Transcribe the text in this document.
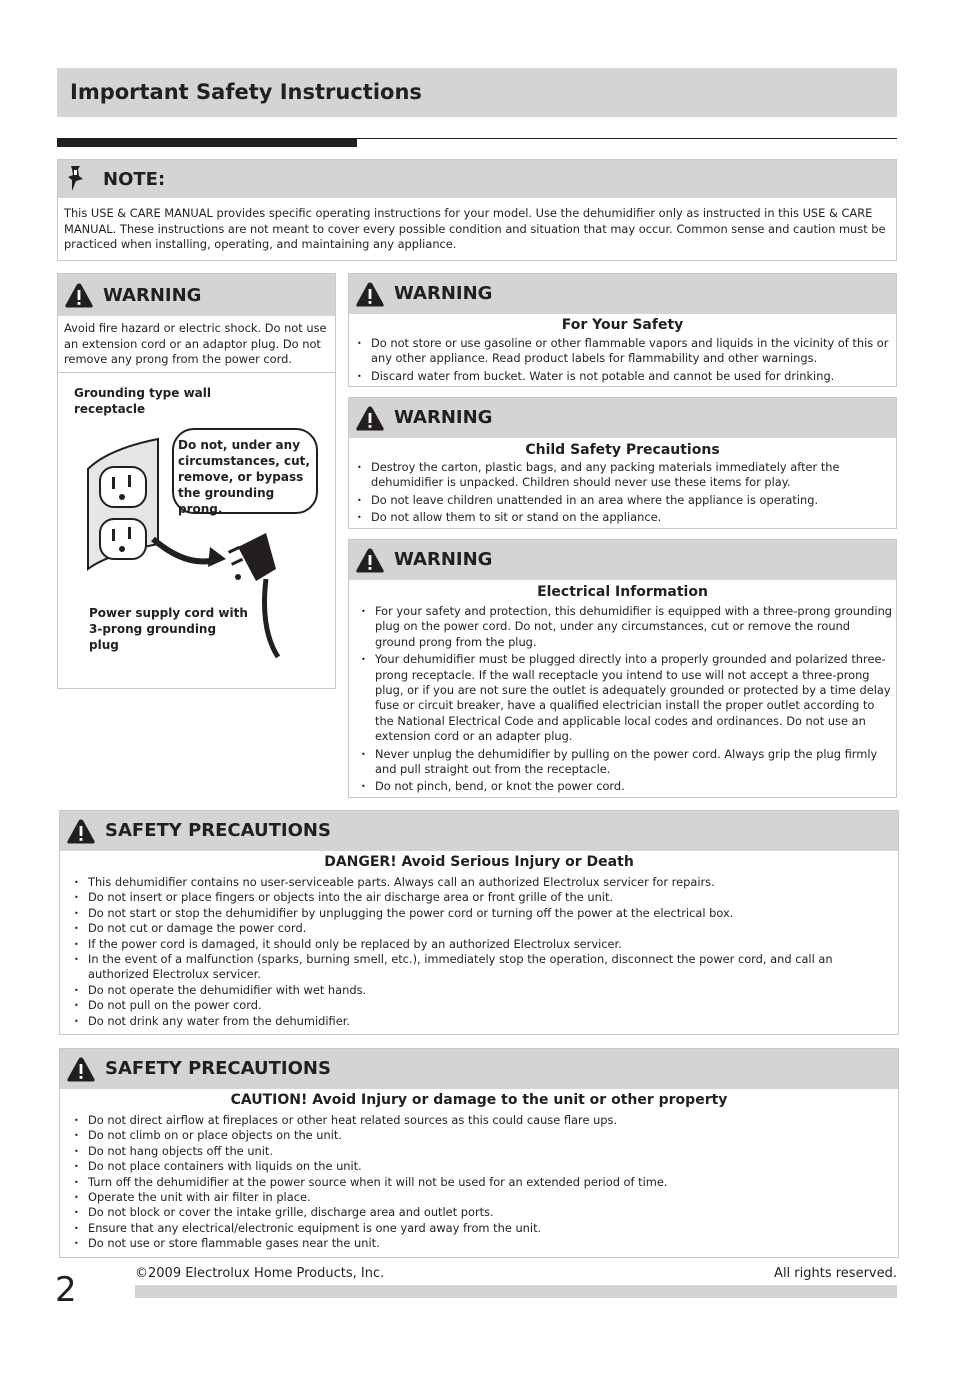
Important Safety Instructions
NOTE:
This USE & CARE MANUAL provides specific operating instructions for your model. Use the dehumidifier only as instructed in this USE & CARE MANUAL. These instructions are not meant to cover every possible condition and situation that may occur. Common sense and caution must be practiced when installing, operating, and maintaining any appliance.
WARNING
Avoid fire hazard or electric shock. Do not use an extension cord or an adaptor plug. Do not remove any prong from the power cord.
Grounding type wall receptacle
Do not, under any circumstances, cut, remove, or bypass the grounding prong.
Power supply cord with 3-prong grounding plug
WARNING
For Your Safety
• Do not store or use gasoline or other flammable vapors and liquids in the vicinity of this or any other appliance. Read product labels for flammability and other warnings.
• Discard water from bucket. Water is not potable and cannot be used for drinking.
WARNING
Child Safety Precautions
• Destroy the carton, plastic bags, and any packing materials immediately after the dehumidifier is unpacked. Children should never use these items for play.
• Do not leave children unattended in an area where the appliance is operating.
• Do not allow them to sit or stand on the appliance.
WARNING
Electrical Information
• For your safety and protection, this dehumidifier is equipped with a three-prong grounding plug on the power cord. Do not, under any circumstances, cut or remove the round ground prong from the plug.
• Your dehumidifier must be plugged directly into a properly grounded and polarized three-prong receptacle. If the wall receptacle you intend to use will not accept a three-prong plug, or if you are not sure the outlet is adequately grounded or protected by a time delay fuse or circuit breaker, have a qualified electrician install the proper outlet according to the National Electrical Code and applicable local codes and ordinances. Do not use an extension cord or an adapter plug.
• Never unplug the dehumidifier by pulling on the power cord. Always grip the plug firmly and pull straight out from the receptacle.
• Do not pinch, bend, or knot the power cord.
SAFETY PRECAUTIONS
DANGER! Avoid Serious Injury or Death
• This dehumidifier contains no user-serviceable parts. Always call an authorized Electrolux servicer for repairs.
• Do not insert or place fingers or objects into the air discharge area or front grille of the unit.
• Do not start or stop the dehumidifier by unplugging the power cord or turning off the power at the electrical box.
• Do not cut or damage the power cord.
• If the power cord is damaged, it should only be replaced by an authorized Electrolux servicer.
• In the event of a malfunction (sparks, burning smell, etc.), immediately stop the operation, disconnect the power cord, and call an authorized Electrolux servicer.
• Do not operate the dehumidifier with wet hands.
• Do not pull on the power cord.
• Do not drink any water from the dehumidifier.
SAFETY PRECAUTIONS
CAUTION! Avoid Injury or damage to the unit or other property
• Do not direct airflow at fireplaces or other heat related sources as this could cause flare ups.
• Do not climb on or place objects on the unit.
• Do not hang objects off the unit.
• Do not place containers with liquids on the unit.
• Turn off the dehumidifier at the power source when it will not be used for an extended period of time.
• Operate the unit with air filter in place.
• Do not block or cover the intake grille, discharge area and outlet ports.
• Ensure that any electrical/electronic equipment is one yard away from the unit.
• Do not use or store flammable gases near the unit.
2	©2009 Electrolux Home Products, Inc.	All rights reserved.
